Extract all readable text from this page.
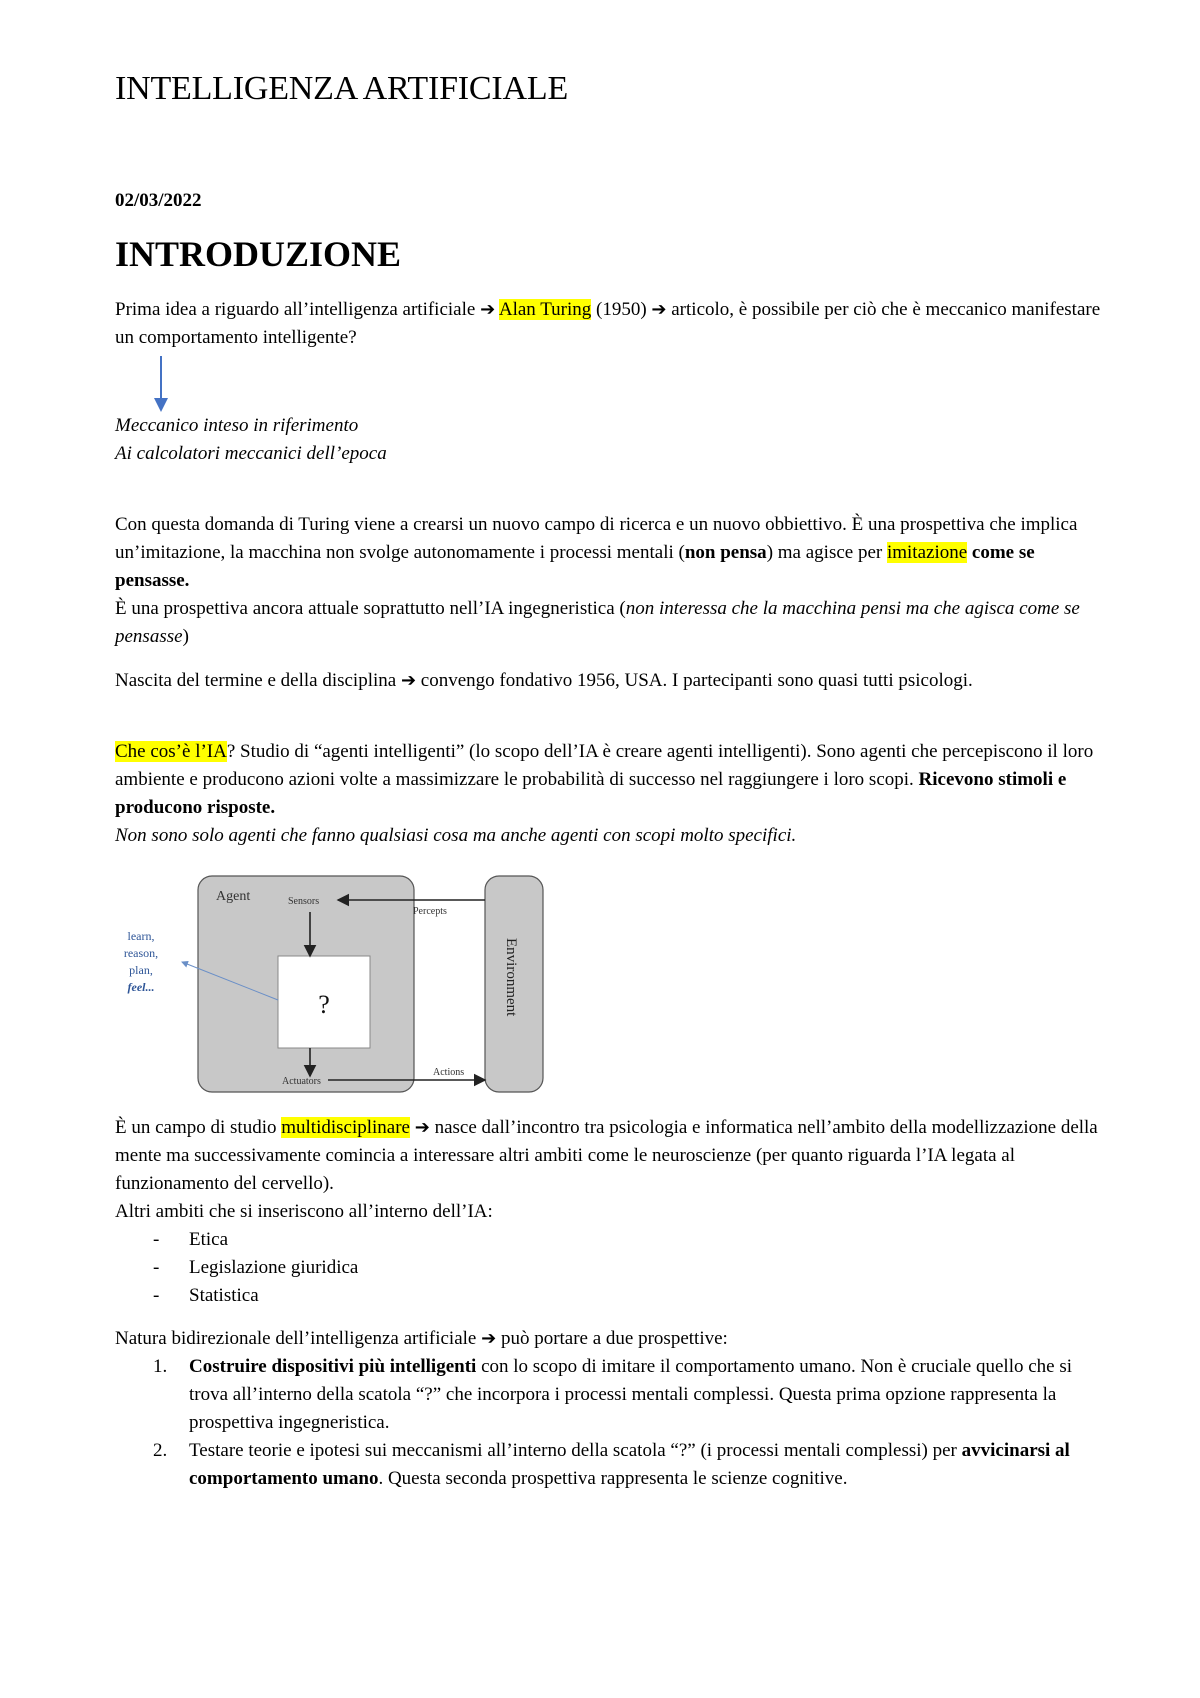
INTELLIGENZA ARTIFICIALE
02/03/2022
INTRODUZIONE

Prima idea a riguardo all’intelligenza artificiale ➔ Alan Turing (1950) ➔ articolo, è possibile per ciò che è meccanico manifestare un comportamento intelligente?

Meccanico inteso in riferimento
Ai calcolatori meccanici dell’epoca

Con questa domanda di Turing viene a crearsi un nuovo campo di ricerca e un nuovo obbiettivo. È una prospettiva che implica un’imitazione, la macchina non svolge autonomamente i processi mentali (non pensa) ma agisce per imitazione come se pensasse.
È una prospettiva ancora attuale soprattutto nell’IA ingegneristica (non interessa che la macchina pensi ma che agisca come se pensasse)

Nascita del termine e della disciplina ➔ convengo fondativo 1956, USA. I partecipanti sono quasi tutti psicologi.

Che cos’è l’IA? Studio di “agenti intelligenti” (lo scopo dell’IA è creare agenti intelligenti). Sono agenti che percepiscono il loro ambiente e producono azioni volte a massimizzare le probabilità di successo nel raggiungere i loro scopi. Ricevono stimoli e producono risposte.
Non sono solo agenti che fanno qualsiasi cosa ma anche agenti con scopi molto specifici.

Agent	Sensors
Percepts
?
Actuators
Actions
Environment
learn,
reason,
plan,
feel...

È un campo di studio multidisciplinare ➔ nasce dall’incontro tra psicologia e informatica nell’ambito della modellizzazione della mente ma successivamente comincia a interessare altri ambiti come le neuroscienze (per quanto riguarda l’IA legata al funzionamento del cervello).
Altri ambiti che si inseriscono all’interno dell’IA:

- Etica
- Legislazione giuridica
- Statistica

Natura bidirezionale dell’intelligenza artificiale ➔ può portare a due prospettive:

1. Costruire dispositivi più intelligenti con lo scopo di imitare il comportamento umano. Non è cruciale quello che si trova all’interno della scatola “?” che incorpora i processi mentali complessi. Questa prima opzione rappresenta la prospettiva ingegneristica.
2. Testare teorie e ipotesi sui meccanismi all’interno della scatola “?” (i processi mentali complessi) per avvicinarsi al comportamento umano. Questa seconda prospettiva rappresenta le scienze cognitive.
